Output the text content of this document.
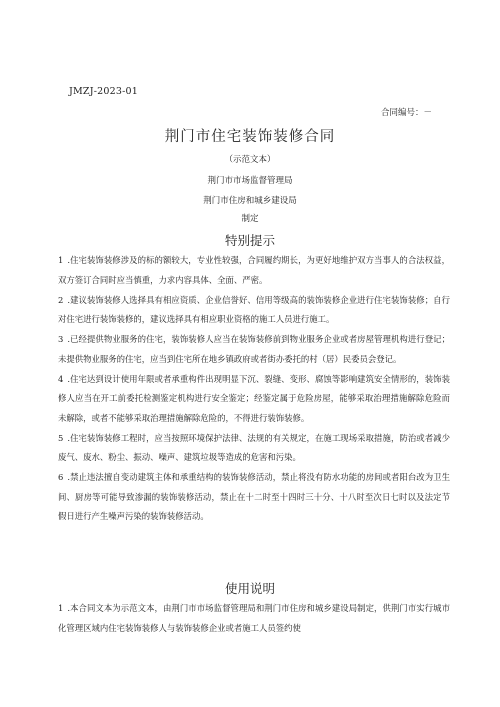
JMZJ-2023-01
合同编号：－
荆门市住宅装饰装修合同
（示范文本）
荆门市市场监督管理局
荆门市住房和城乡建设局
制定
特别提示

1 .住宅装饰装修涉及的标的额较大，专业性较强，合同履约期长，为更好地维护双方当事人的合法权益，双方签订合同时应当慎重，力求内容具体、全面、严密。

2 .建议装饰装修人选择具有相应资质、企业信誉好、信用等级高的装饰装修企业进行住宅装饰装修；自行对住宅进行装饰装修的，建议选择具有相应职业资格的施工人员进行施工。

3 .已经提供物业服务的住宅，装饰装修人应当在装饰装修前到物业服务企业或者房屋管理机构进行登记；未提供物业服务的住宅，应当到住宅所在地乡镇政府或者街办委托的村（居）民委员会登记。

4 .住宅达到设计使用年限或者承重构件出现明显下沉、裂缝、变形、腐蚀等影响建筑安全情形的，装饰装修人应当在开工前委托检测鉴定机构进行安全鉴定；经鉴定属于危险房屋，能够采取治理措施解除危险而未解除，或者不能够采取治理措施解除危险的，不得进行装饰装修。

5 .住宅装饰装修工程时，应当按照环境保护法律、法规的有关规定，在施工现场采取措施，防治或者减少废气、废水、粉尘、振动、噪声、建筑垃圾等造成的危害和污染。

6 .禁止违法擅自变动建筑主体和承重结构的装饰装修活动，禁止将没有防水功能的房间或者阳台改为卫生间、厨房等可能导致渗漏的装饰装修活动，禁止在十二时至十四时三十分、十八时至次日七时以及法定节假日进行产生噪声污染的装饰装修活动。

使用说明

1 .本合同文本为示范文本，由荆门市市场监督管理局和荆门市住房和城乡建设局制定，供荆门市实行城市化管理区域内住宅装饰装修人与装饰装修企业或者施工人员签约使
